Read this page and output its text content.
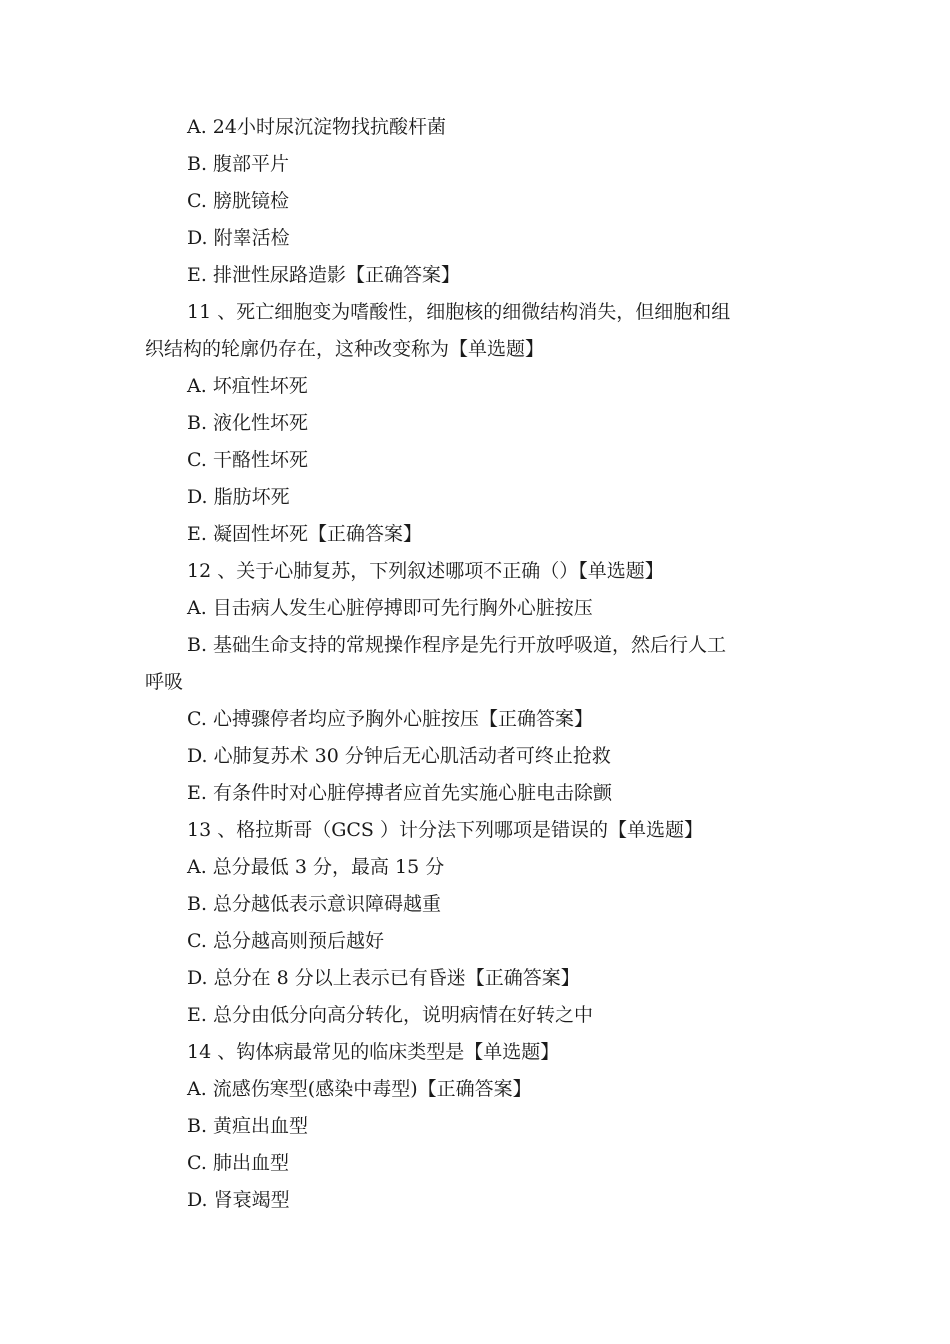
A. 24小时尿沉淀物找抗酸杆菌
B. 腹部平片
C. 膀胱镜检
D. 附睾活检
E. 排泄性尿路造影【正确答案】
11 、死亡细胞变为嗜酸性，细胞核的细微结构消失，但细胞和组
织结构的轮廓仍存在，这种改变称为【单选题】
A. 坏疽性坏死
B. 液化性坏死
C. 干酪性坏死
D. 脂肪坏死
E. 凝固性坏死【正确答案】
12 、关于心肺复苏，下列叙述哪项不正确（）【单选题】
A. 目击病人发生心脏停搏即可先行胸外心脏按压
B. 基础生命支持的常规操作程序是先行开放呼吸道，然后行人工
呼吸
C. 心搏骤停者均应予胸外心脏按压【正确答案】
D. 心肺复苏术 30 分钟后无心肌活动者可终止抢救
E. 有条件时对心脏停搏者应首先实施心脏电击除颤
13 、格拉斯哥（GCS ）计分法下列哪项是错误的【单选题】
A. 总分最低 3 分，最高 15 分
B. 总分越低表示意识障碍越重
C. 总分越高则预后越好
D. 总分在 8 分以上表示已有昏迷【正确答案】
E. 总分由低分向高分转化，说明病情在好转之中
14 、钩体病最常见的临床类型是【单选题】
A. 流感伤寒型(感染中毒型)【正确答案】
B. 黄疸出血型
C. 肺出血型
D. 肾衰竭型
